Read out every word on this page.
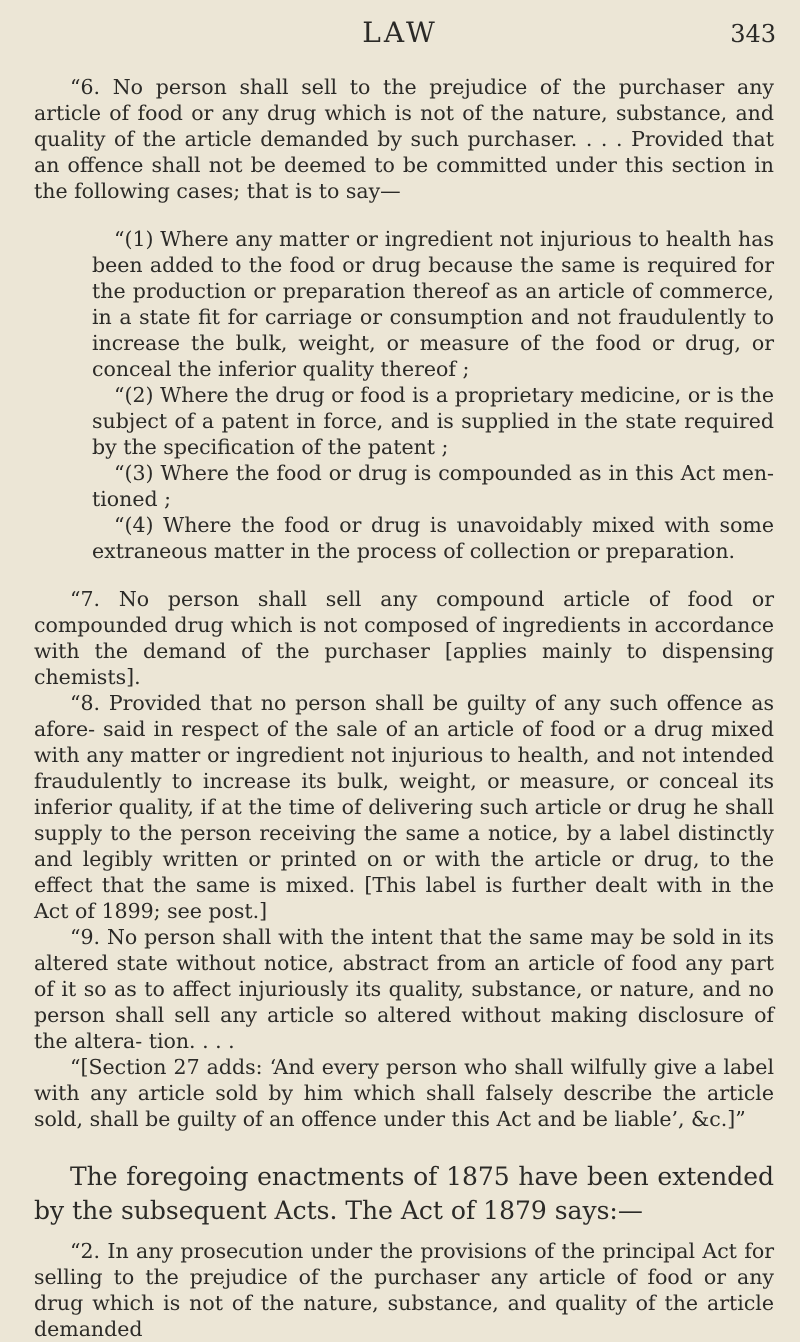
LAW	343

“6. No person shall sell to the prejudice of the purchaser any article of food or any drug which is not of the nature, substance, and quality of the article demanded by such purchaser. . . . Provided that an offence shall not be deemed to be committed under this section in the following cases; that is to say—

“(1) Where any matter or ingredient not injurious to health has been added to the food or drug because the same is required for the production or preparation thereof as an article of commerce, in a state fit for carriage or consumption and not fraudulently to increase the bulk, weight, or measure of the food or drug, or conceal the inferior quality thereof ;

“(2) Where the drug or food is a proprietary medicine, or is the subject of a patent in force, and is supplied in the state required by the specification of the patent ;

“(3) Where the food or drug is compounded as in this Act men- tioned ;

“(4) Where the food or drug is unavoidably mixed with some extraneous matter in the process of collection or preparation.

“7. No person shall sell any compound article of food or compounded drug which is not composed of ingredients in accordance with the demand of the purchaser [applies mainly to dispensing chemists].

“8. Provided that no person shall be guilty of any such offence as afore- said in respect of the sale of an article of food or a drug mixed with any matter or ingredient not injurious to health, and not intended fraudulently to increase its bulk, weight, or measure, or conceal its inferior quality, if at the time of delivering such article or drug he shall supply to the person receiving the same a notice, by a label distinctly and legibly written or printed on or with the article or drug, to the effect that the same is mixed. [This label is further dealt with in the Act of 1899; see post.]

“9. No person shall with the intent that the same may be sold in its altered state without notice, abstract from an article of food any part of it so as to affect injuriously its quality, substance, or nature, and no person shall sell any article so altered without making disclosure of the altera- tion. . . .

“[Section 27 adds: ‘And every person who shall wilfully give a label with any article sold by him which shall falsely describe the article sold, shall be guilty of an offence under this Act and be liable’, &c.]”

The foregoing enactments of 1875 have been extended by the subsequent Acts. The Act of 1879 says:—

“2. In any prosecution under the provisions of the principal Act for selling to the prejudice of the purchaser any article of food or any drug which is not of the nature, substance, and quality of the article demanded
